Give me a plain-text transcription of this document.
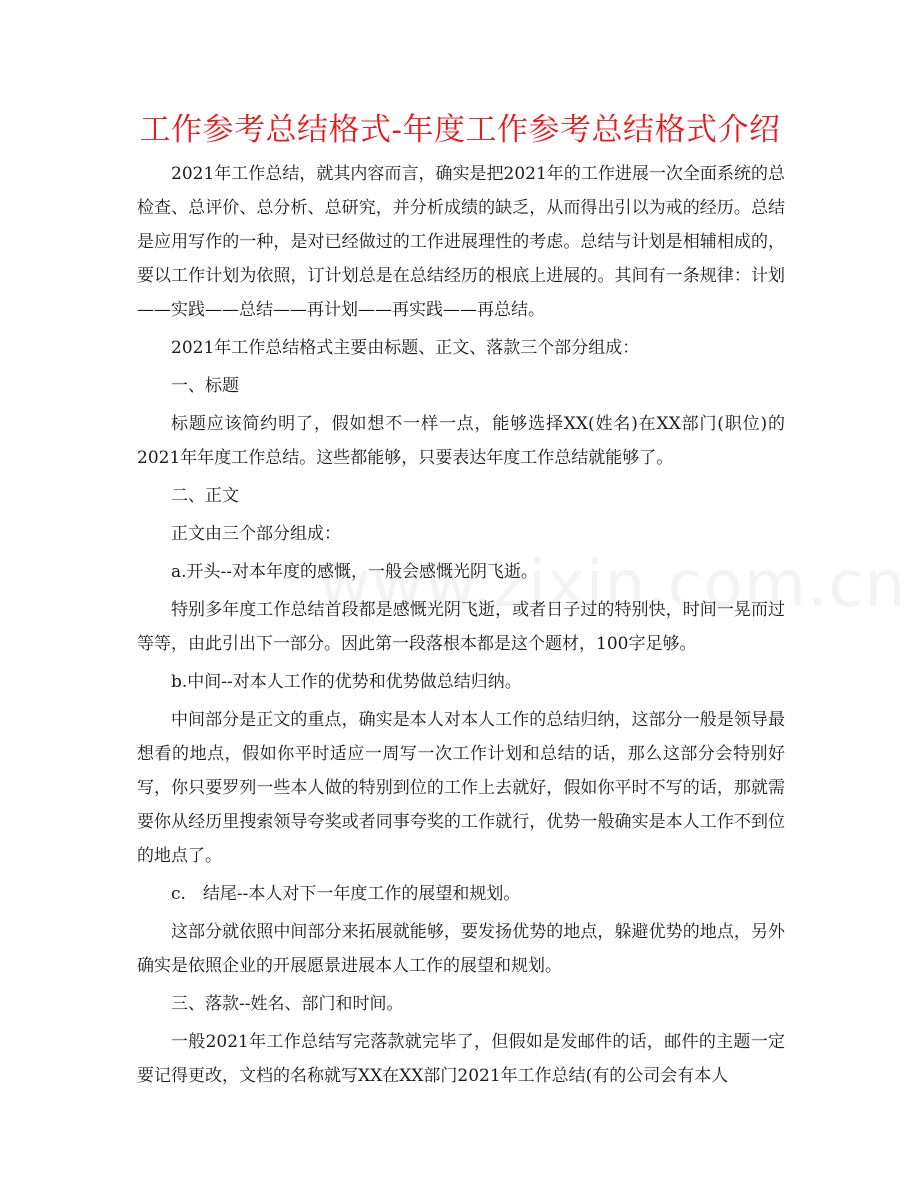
工作参考总结格式-年度工作参考总结格式介绍

2021年工作总结，就其内容而言，确实是把2021年的工作进展一次全面系统的总检查、总评价、总分析、总研究，并分析成绩的缺乏，从而得出引以为戒的经历。总结是应用写作的一种，是对已经做过的工作进展理性的考虑。总结与计划是相辅相成的，要以工作计划为依照，订计划总是在总结经历的根底上进展的。其间有一条规律：计划——实践——总结——再计划——再实践——再总结。

2021年工作总结格式主要由标题、正文、落款三个部分组成：

一、标题

标题应该简约明了，假如想不一样一点，能够选择XX(姓名)在XX部门(职位)的2021年年度工作总结。这些都能够，只要表达年度工作总结就能够了。

二、正文

正文由三个部分组成：

a.开头--对本年度的感慨，一般会感慨光阴飞逝。

特别多年度工作总结首段都是感慨光阴飞逝，或者日子过的特别快，时间一晃而过等等，由此引出下一部分。因此第一段落根本都是这个题材，100字足够。

b.中间--对本人工作的优势和优势做总结归纳。

中间部分是正文的重点，确实是本人对本人工作的总结归纳，这部分一般是领导最想看的地点，假如你平时适应一周写一次工作计划和总结的话，那么这部分会特别好写，你只要罗列一些本人做的特别到位的工作上去就好，假如你平时不写的话，那就需要你从经历里搜索领导夸奖或者同事夸奖的工作就行，优势一般确实是本人工作不到位的地点了。

c.　结尾--本人对下一年度工作的展望和规划。

这部分就依照中间部分来拓展就能够，要发扬优势的地点，躲避优势的地点，另外确实是依照企业的开展愿景进展本人工作的展望和规划。

三、落款--姓名、部门和时间。

一般2021年工作总结写完落款就完毕了，但假如是发邮件的话，邮件的主题一定要记得更改，文档的名称就写XX在XX部门2021年工作总结(有的公司会有本人
